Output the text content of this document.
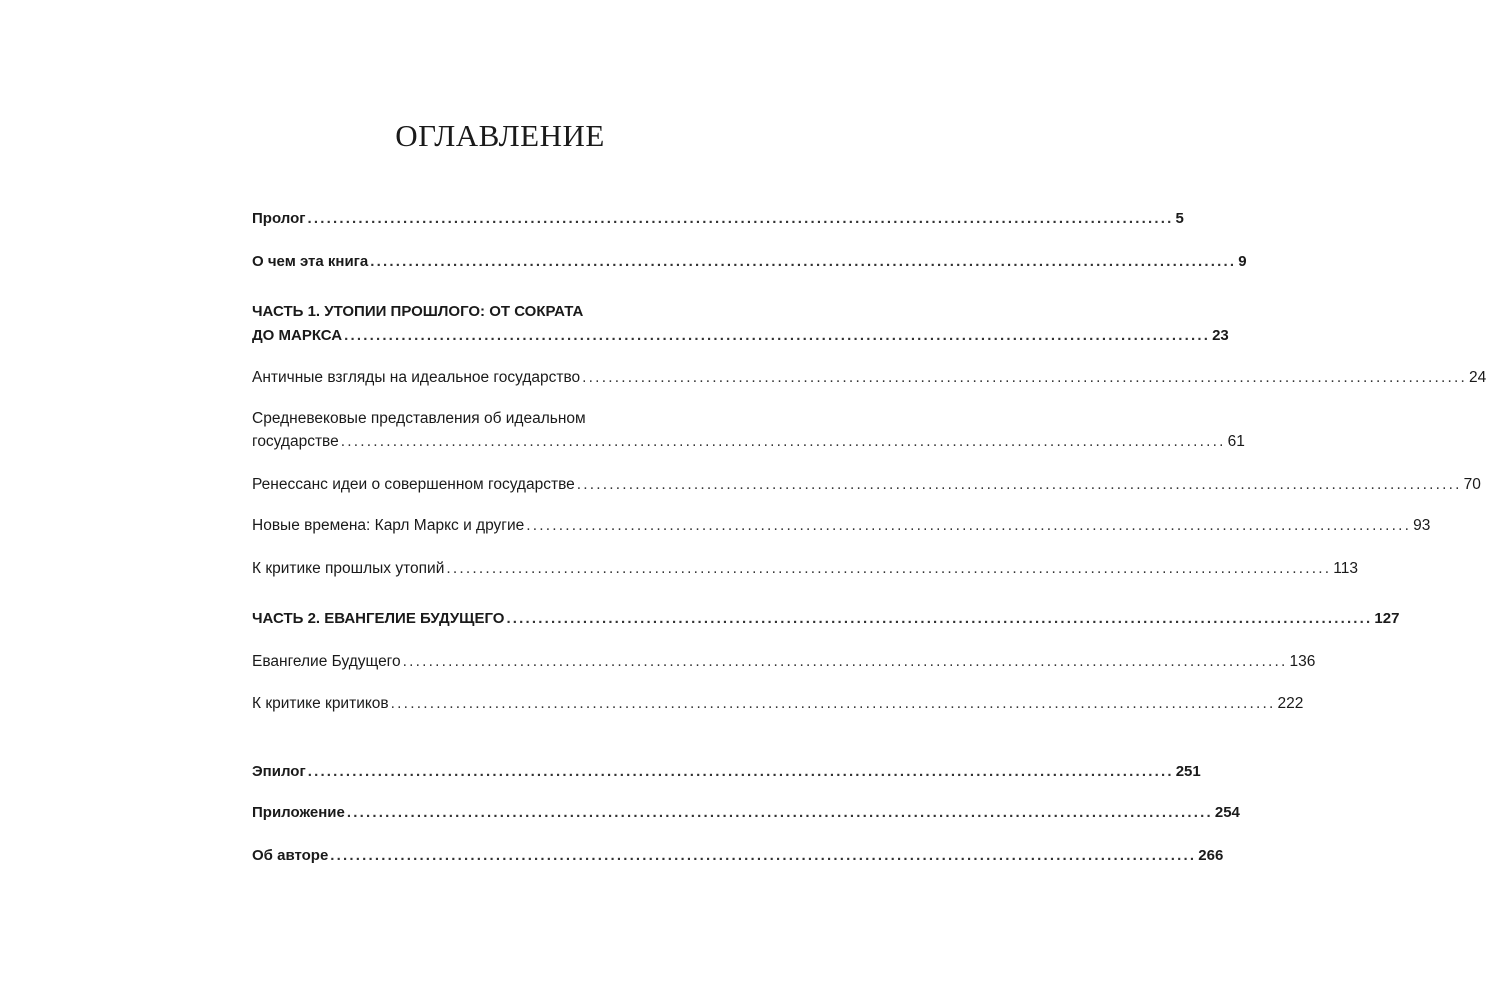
ОГЛАВЛЕНИЕ
Пролог ........................................................................................................................................ 5
О чем эта книга ........................................................................................................................................ 9
ЧАСТЬ 1. УТОПИИ ПРОШЛОГО: ОТ СОКРАТА
ДО МАРКСА ........................................................................................................................................ 23
Античные взгляды на идеальное государство ........................................................................................................................................ 24
Средневековые представления об идеальном
государстве ........................................................................................................................................ 61
Ренессанс идеи о совершенном государстве ........................................................................................................................................ 70
Новые времена: Карл Маркс и другие ........................................................................................................................................ 93
К критике прошлых утопий ........................................................................................................................................ 113
ЧАСТЬ 2. ЕВАНГЕЛИЕ БУДУЩЕГО ........................................................................................................................................ 127
Евангелие Будущего ........................................................................................................................................ 136
К критике критиков ........................................................................................................................................ 222
Эпилог ........................................................................................................................................ 251
Приложение ........................................................................................................................................ 254
Об авторе ........................................................................................................................................ 266
